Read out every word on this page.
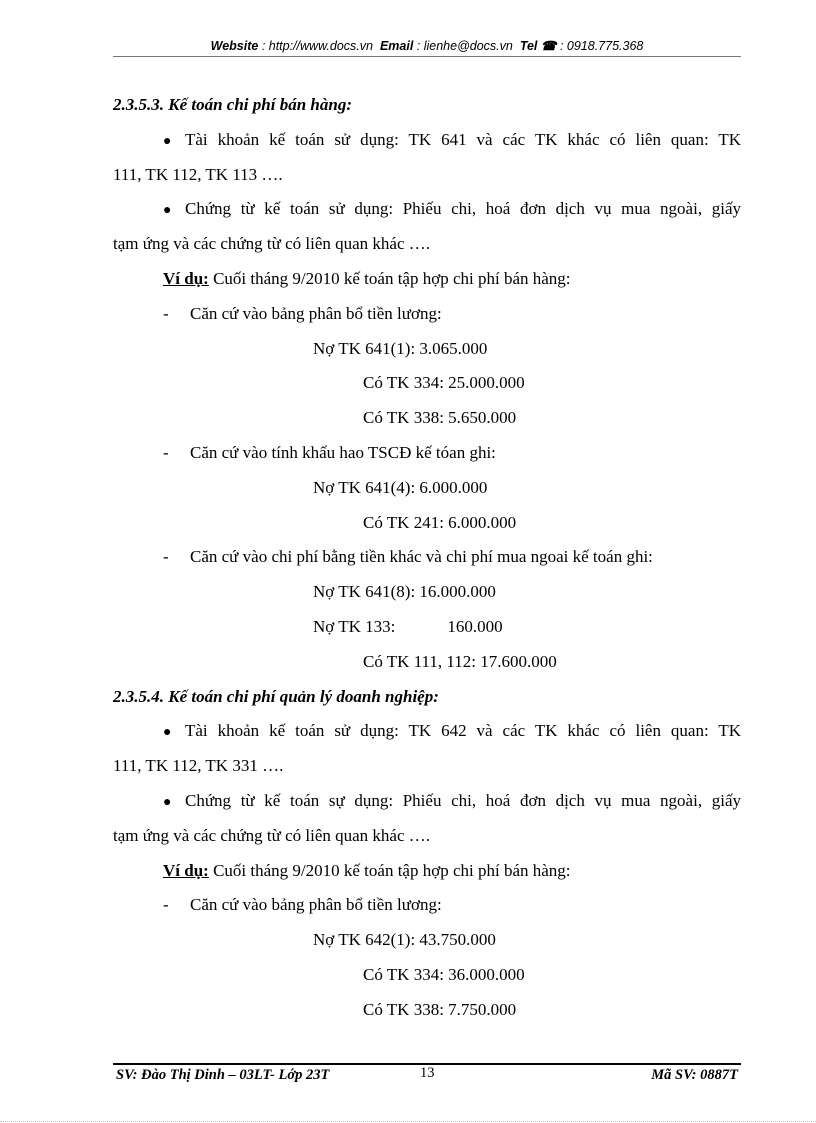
Website : http://www.docs.vn Email : lienhe@docs.vn Tel ☎ : 0918.775.368
2.3.5.3. Kế toán chi phí bán hàng:
● Tài khoản kế toán sử dụng: TK 641 và các TK khác có liên quan: TK
111, TK 112, TK 113 ….
● Chứng từ kế toán sử dụng: Phiếu chi, hoá đơn dịch vụ mua ngoài, giấy
tạm ứng và các chứng từ có liên quan khác ….
Ví dụ: Cuối tháng 9/2010 kế toán tập hợp chi phí bán hàng:
- Căn cứ vào bảng phân bổ tiền lương:
Nợ TK 641(1): 3.065.000
Có TK 334: 25.000.000
Có TK 338: 5.650.000
- Căn cứ vào tính khấu hao TSCĐ kế tóan ghi:
Nợ TK 641(4): 6.000.000
Có TK 241: 6.000.000
- Căn cứ vào chi phí bằng tiền khác và chi phí mua ngoai kế toán ghi:
Nợ TK 641(8): 16.000.000
Nợ TK 133:	160.000
Có TK 111, 112: 17.600.000
2.3.5.4. Kế toán chi phí quản lý doanh nghiệp:
● Tài khoản kế toán sử dụng: TK 642 và các TK khác có liên quan: TK
111, TK 112, TK 331 ….
● Chứng từ kế toán sự dụng: Phiếu chi, hoá đơn dịch vụ mua ngoài, giấy
tạm ứng và các chứng từ có liên quan khác ….
Ví dụ: Cuối tháng 9/2010 kế toán tập hợp chi phí bán hàng:
- Căn cứ vào bảng phân bổ tiền lương:
Nợ TK 642(1): 43.750.000
Có TK 334: 36.000.000
Có TK 338: 7.750.000
SV: Đào Thị Dinh – 03LT- Lớp 23T	13	Mã SV: 0887T
